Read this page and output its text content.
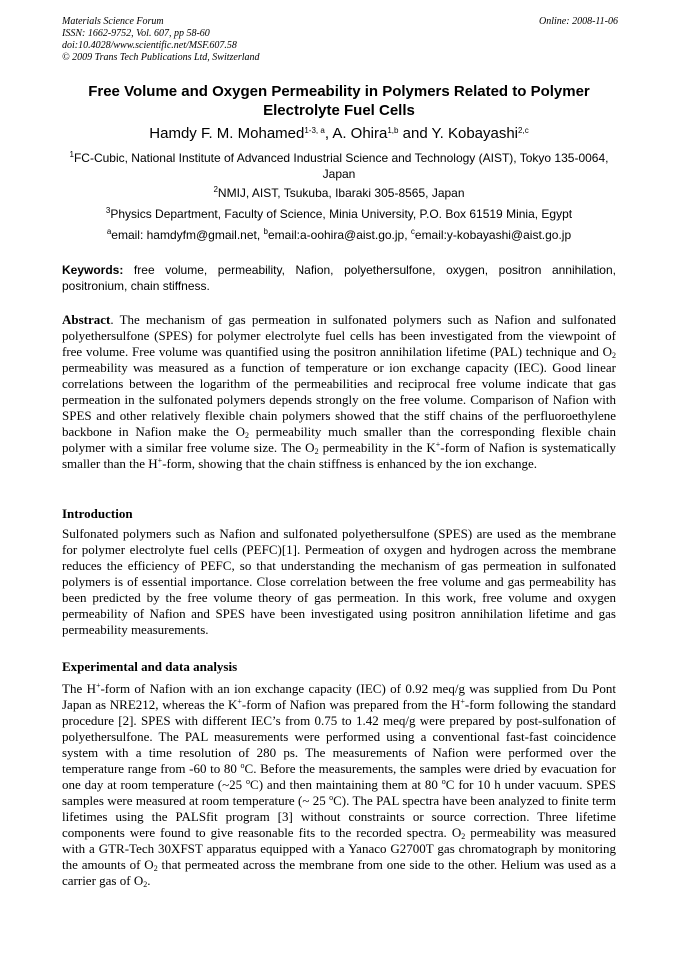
Materials Science Forum
ISSN: 1662-9752, Vol. 607, pp 58-60
doi:10.4028/www.scientific.net/MSF.607.58
© 2009 Trans Tech Publications Ltd, Switzerland
Online: 2008-11-06
Free Volume and Oxygen Permeability in Polymers Related to Polymer Electrolyte Fuel Cells
Hamdy F. M. Mohamed$^{1-3, a}$, A. Ohira$^{1,b}$ and Y. Kobayashi$^{2,c}$
$^1$FC-Cubic, National Institute of Advanced Industrial Science and Technology (AIST), Tokyo 135-0064, Japan
$^2$NMIJ, AIST, Tsukuba, Ibaraki 305-8565, Japan
$^3$Physics Department, Faculty of Science, Minia University, P.O. Box 61519 Minia, Egypt
$^a$email: hamdyfm@gmail.net, $^b$email:a-oohira@aist.go.jp, $^c$email:y-kobayashi@aist.go.jp
Keywords: free volume, permeability, Nafion, polyethersulfone, oxygen, positron annihilation, positronium, chain stiffness.
Abstract. The mechanism of gas permeation in sulfonated polymers such as Nafion and sulfonated polyethersulfone (SPES) for polymer electrolyte fuel cells has been investigated from the viewpoint of free volume. Free volume was quantified using the positron annihilation lifetime (PAL) technique and $O_2$ permeability was measured as a function of temperature or ion exchange capacity (IEC). Good linear correlations between the logarithm of the permeabilities and reciprocal free volume indicate that gas permeation in the sulfonated polymers depends strongly on the free volume. Comparison of Nafion with SPES and other relatively flexible chain polymers showed that the stiff chains of the perfluoroethylene backbone in Nafion make the $O_2$ permeability much smaller than the corresponding flexible chain polymer with a similar free volume size. The $O_2$ permeability in the K+-form of Nafion is systematically smaller than the H+-form, showing that the chain stiffness is enhanced by the ion exchange.
Introduction
Sulfonated polymers such as Nafion and sulfonated polyethersulfone (SPES) are used as the membrane for polymer electrolyte fuel cells (PEFC)[1]. Permeation of oxygen and hydrogen across the membrane reduces the efficiency of PEFC, so that understanding the mechanism of gas permeation in sulfonated polymers is of essential importance. Close correlation between the free volume and gas permeability has been predicted by the free volume theory of gas permeation. In this work, free volume and oxygen permeability of Nafion and SPES have been investigated using positron annihilation lifetime and gas permeability measurements.
Experimental and data analysis
The H+-form of Nafion with an ion exchange capacity (IEC) of 0.92 meq/g was supplied from Du Pont Japan as NRE212, whereas the K+-form of Nafion was prepared from the H+-form following the standard procedure [2]. SPES with different IEC’s from 0.75 to 1.42 meq/g were prepared by post-sulfonation of polyethersulfone. The PAL measurements were performed using a conventional fast-fast coincidence system with a time resolution of 280 ps. The measurements of Nafion were performed over the temperature range from -60 to 80 $^o$C. Before the measurements, the samples were dried by evacuation for one day at room temperature (~25 $^o$C) and then maintaining them at 80 $^o$C for 10 h under vacuum. SPES samples were measured at room temperature (~ 25 $^o$C). The PAL spectra have been analyzed to finite term lifetimes using the PALSfit program [3] without constraints or source correction. Three lifetime components were found to give reasonable fits to the recorded spectra. $O_2$ permeability was measured with a GTR-Tech 30XFST apparatus equipped with a Yanaco G2700T gas chromatograph by monitoring the amounts of $O_2$ that permeated across the membrane from one side to the other. Helium was used as a carrier gas of $O_2$.
